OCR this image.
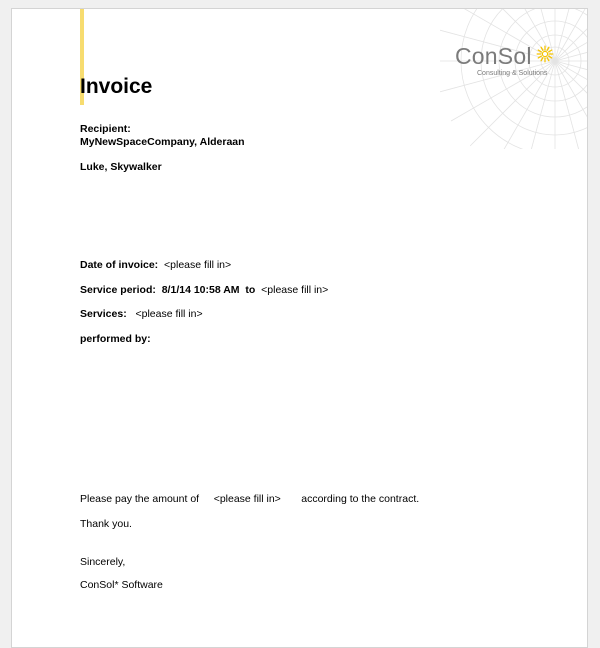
ConSol
Consulting & Solutions
Invoice
Recipient:
MyNewSpaceCompany, Alderaan
Luke, Skywalker
Date of invoice: <please fill in>
Service period: 8/1/14 10:58 AM to <please fill in>
Services: <please fill in>
performed by:
Please pay the amount of <please fill in> according to the contract.
Thank you.
Sincerely,
ConSol* Software
